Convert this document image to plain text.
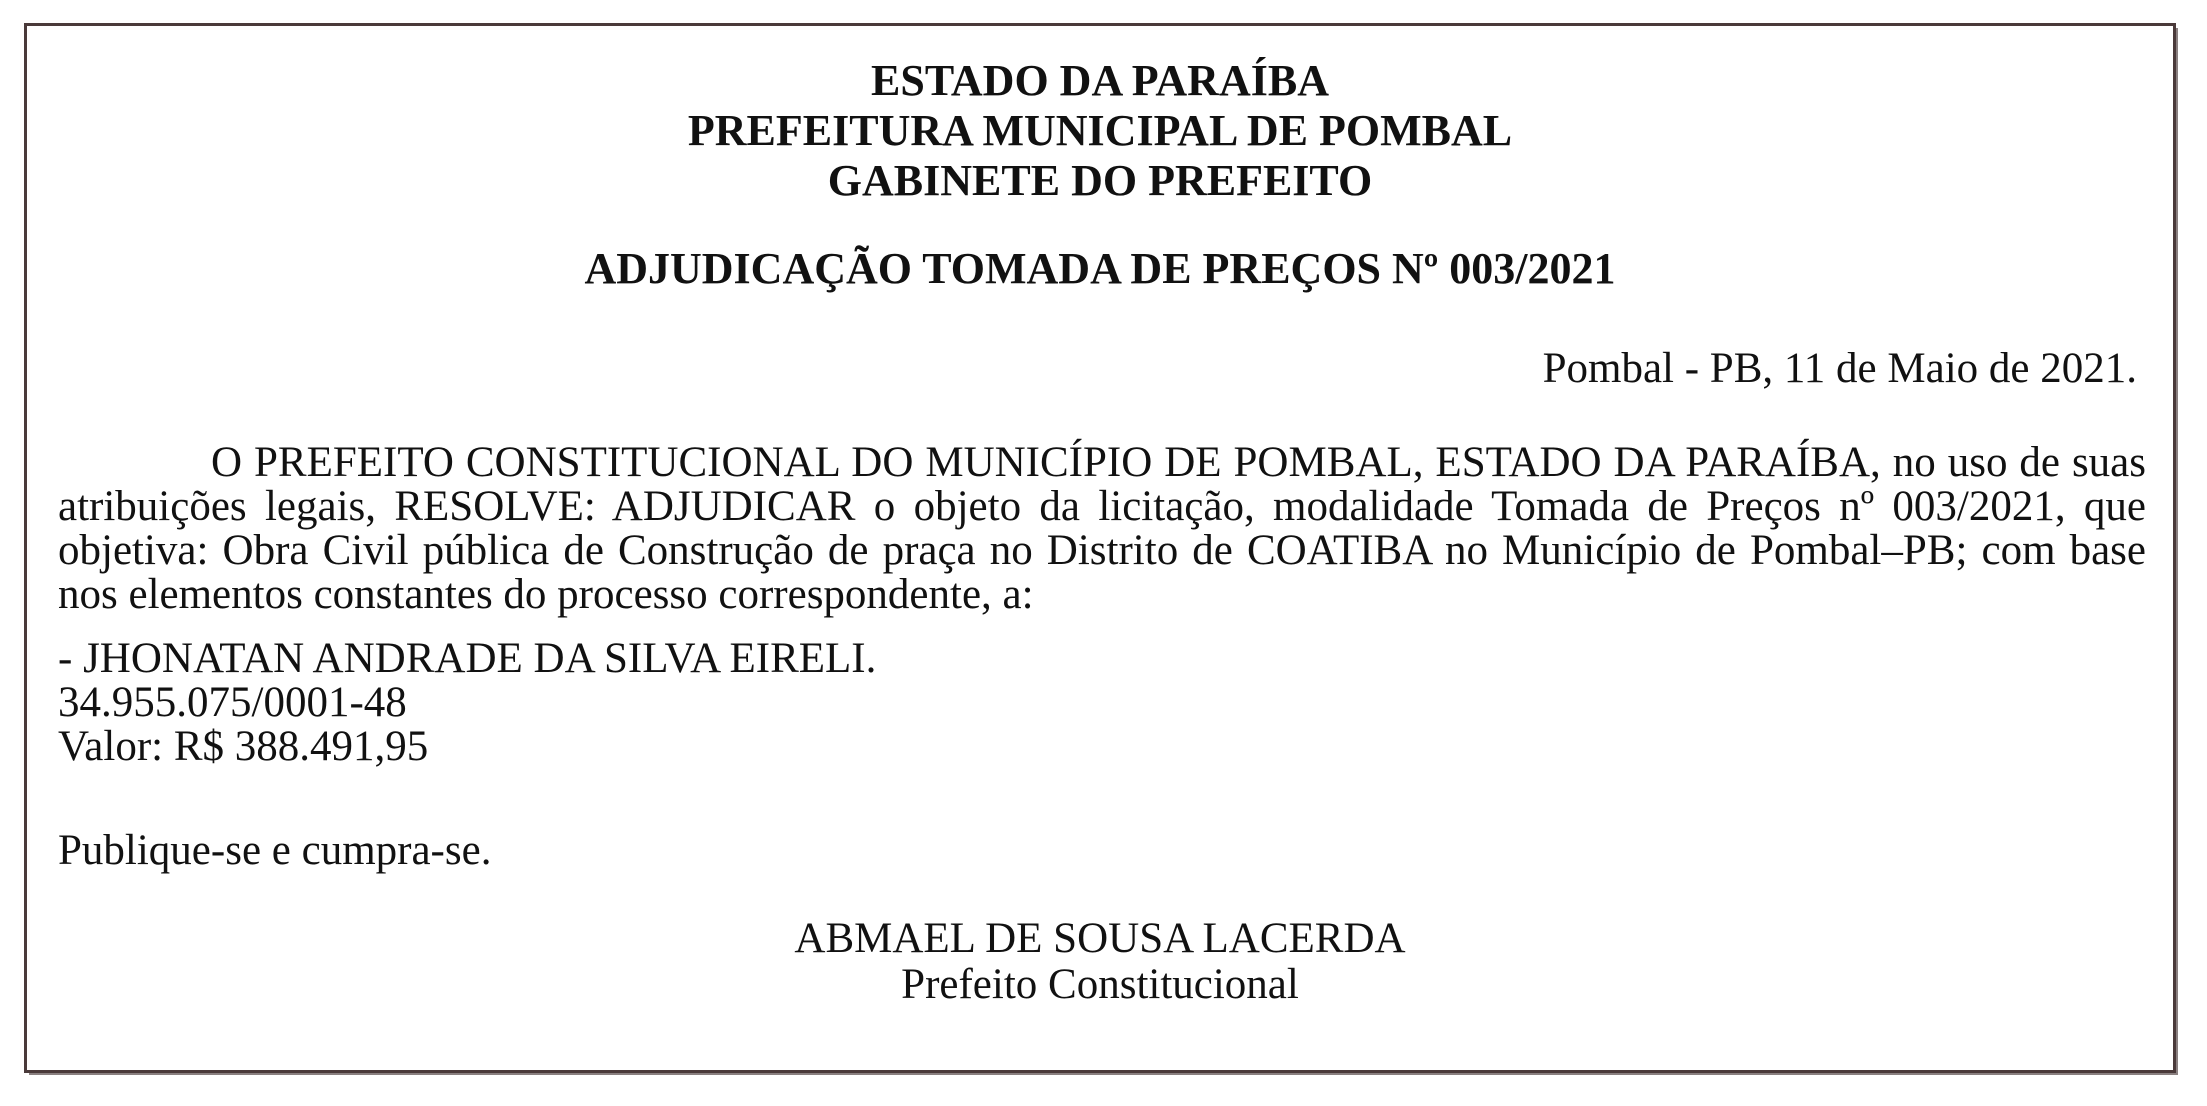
ESTADO DA PARAÍBA
PREFEITURA MUNICIPAL DE POMBAL
GABINETE DO PREFEITO
ADJUDICAÇÃO TOMADA DE PREÇOS Nº 003/2021
Pombal - PB, 11 de Maio de 2021.
O PREFEITO CONSTITUCIONAL DO MUNICÍPIO DE POMBAL, ESTADO DA PARAÍBA, no uso de suas atribuições legais, RESOLVE: ADJUDICAR o objeto da licitação, modalidade Tomada de Preços nº 003/2021, que objetiva: Obra Civil pública de Construção de praça no Distrito de COATIBA no Município de Pombal–PB; com base nos elementos constantes do processo correspondente, a:
- JHONATAN ANDRADE DA SILVA EIRELI.
34.955.075/0001-48
Valor: R$ 388.491,95
Publique-se e cumpra-se.
ABMAEL DE SOUSA LACERDA
Prefeito Constitucional
